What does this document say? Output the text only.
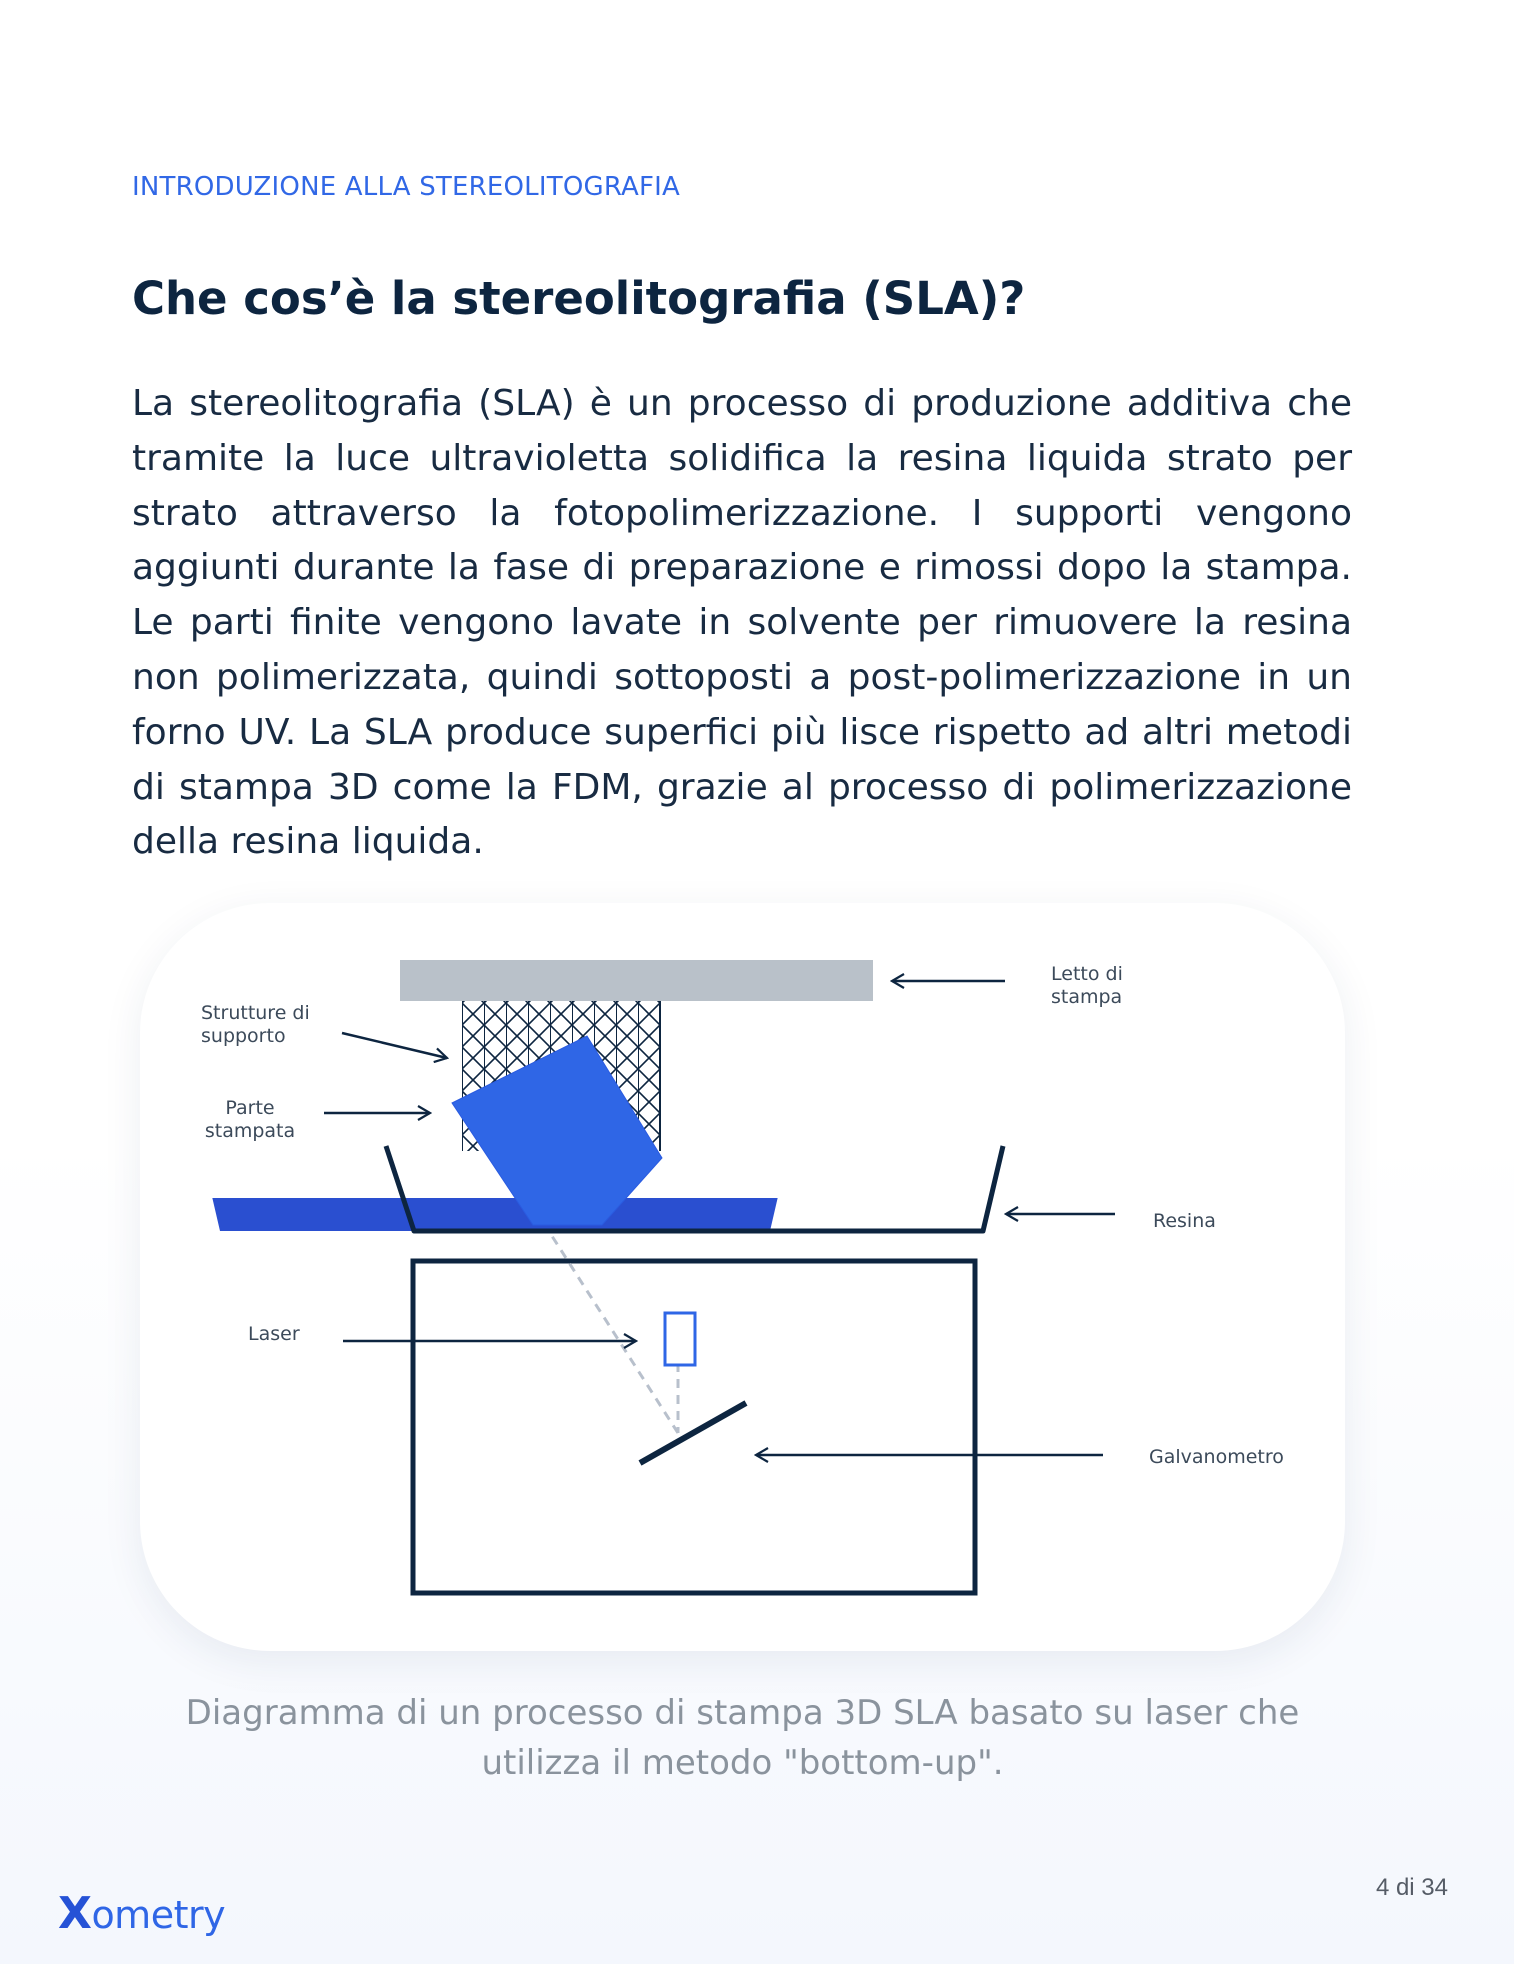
INTRODUZIONE ALLA STEREOLITOGRAFIA
Che cos’è la stereolitografia (SLA)?

La stereolitografia (SLA) è un processo di produzione additiva che tramite la luce ultravioletta solidifica la resina liquida strato per strato attraverso la fotopolimerizzazione. I supporti vengono aggiunti durante la fase di preparazione e rimossi dopo la stampa. Le parti finite vengono lavate in solvente per rimuovere la resina non polimerizzata, quindi sottoposti a post-polimerizzazione in un forno UV. La SLA produce superfici più lisce rispetto ad altri metodi di stampa 3D come la FDM, grazie al processo di polimerizzazione della resina liquida.

Letto di stampa
Strutture di supporto
Parte stampata
Resina
Laser
Galvanometro

Diagramma di un processo di stampa 3D SLA basato su laser che utilizza il metodo "bottom-up".

Xometry
4 di 34
